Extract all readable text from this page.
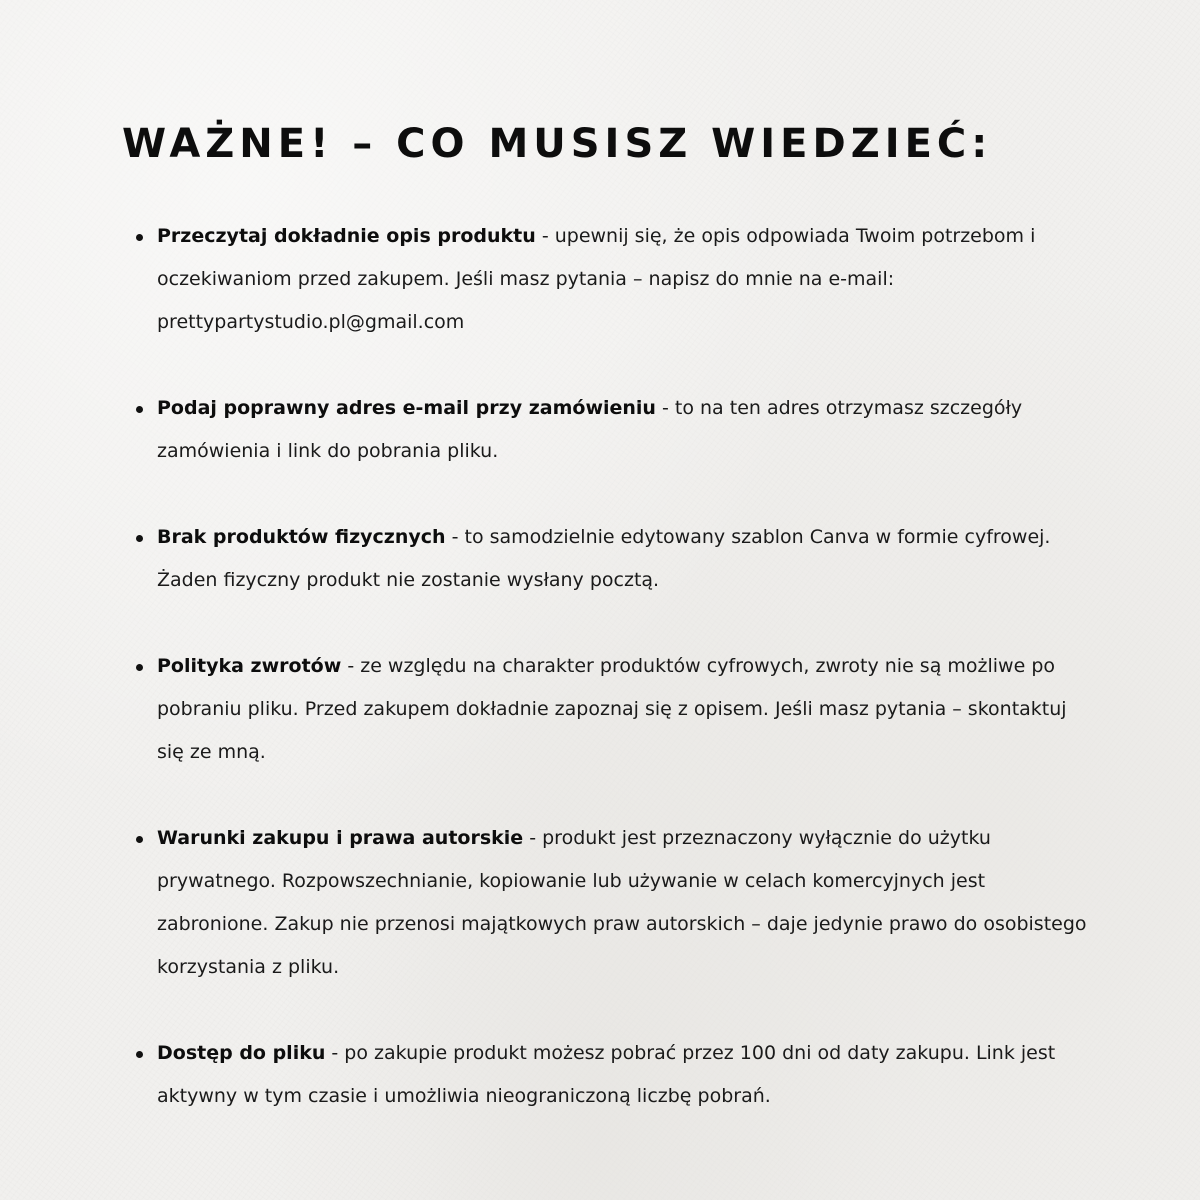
WAŻNE! – CO MUSISZ WIEDZIEĆ:
Przeczytaj dokładnie opis produktu - upewnij się, że opis odpowiada Twoim potrzebom i oczekiwaniom przed zakupem. Jeśli masz pytania – napisz do mnie na e-mail: prettypartystudio.pl@gmail.com
Podaj poprawny adres e-mail przy zamówieniu - to na ten adres otrzymasz szczegóły zamówienia i link do pobrania pliku.
Brak produktów fizycznych - to samodzielnie edytowany szablon Canva w formie cyfrowej. Żaden fizyczny produkt nie zostanie wysłany pocztą.
Polityka zwrotów - ze względu na charakter produktów cyfrowych, zwroty nie są możliwe po pobraniu pliku. Przed zakupem dokładnie zapoznaj się z opisem. Jeśli masz pytania – skontaktuj się ze mną.
Warunki zakupu i prawa autorskie - produkt jest przeznaczony wyłącznie do użytku prywatnego. Rozpowszechnianie, kopiowanie lub używanie w celach komercyjnych jest zabronione. Zakup nie przenosi majątkowych praw autorskich – daje jedynie prawo do osobistego korzystania z pliku.
Dostęp do pliku - po zakupie produkt możesz pobrać przez 100 dni od daty zakupu. Link jest aktywny w tym czasie i umożliwia nieograniczoną liczbę pobrań.
